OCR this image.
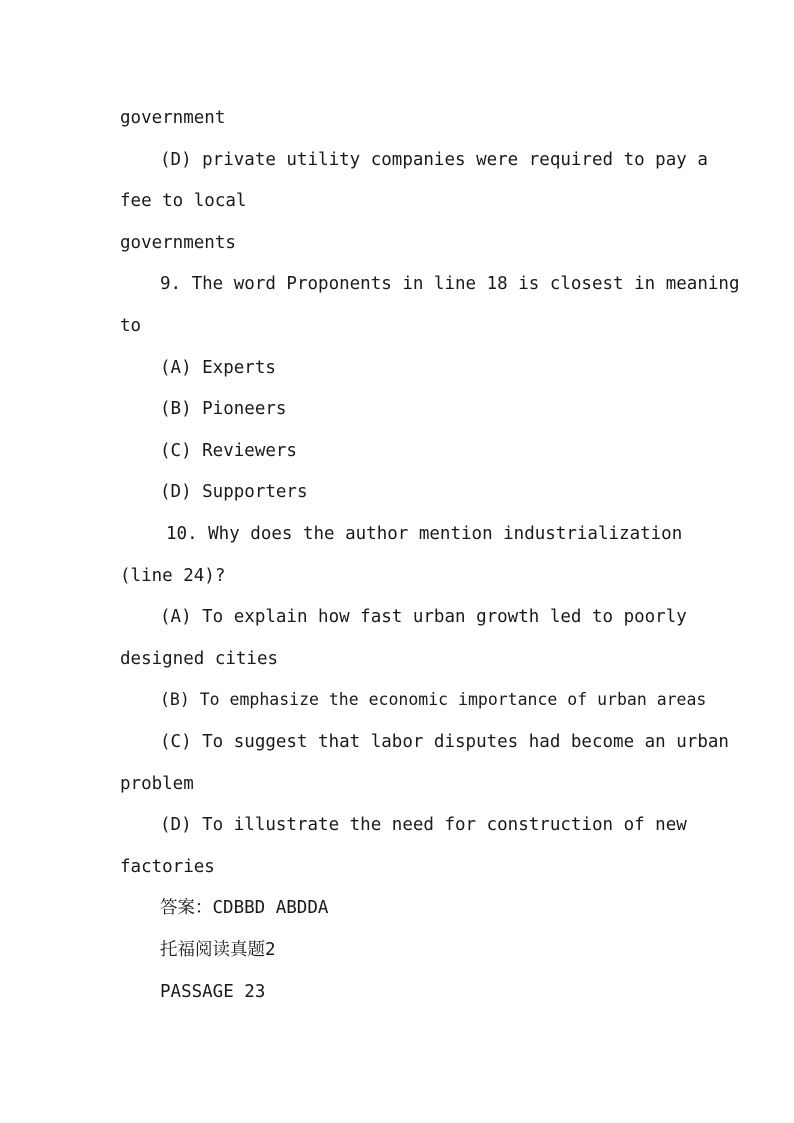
government
(D) private utility companies were required to pay a
fee to local
governments
9. The word Proponents in line 18 is closest in meaning
to
(A) Experts
(B) Pioneers
(C) Reviewers
(D) Supporters
10. Why does the author mention industrialization
(line 24)?
(A) To explain how fast urban growth led to poorly
designed cities
(B) To emphasize the economic importance of urban areas
(C) To suggest that labor disputes had become an urban
problem
(D) To illustrate the need for construction of new
factories
答案：CDBBD ABDDA
托福阅读真题2
PASSAGE 23
